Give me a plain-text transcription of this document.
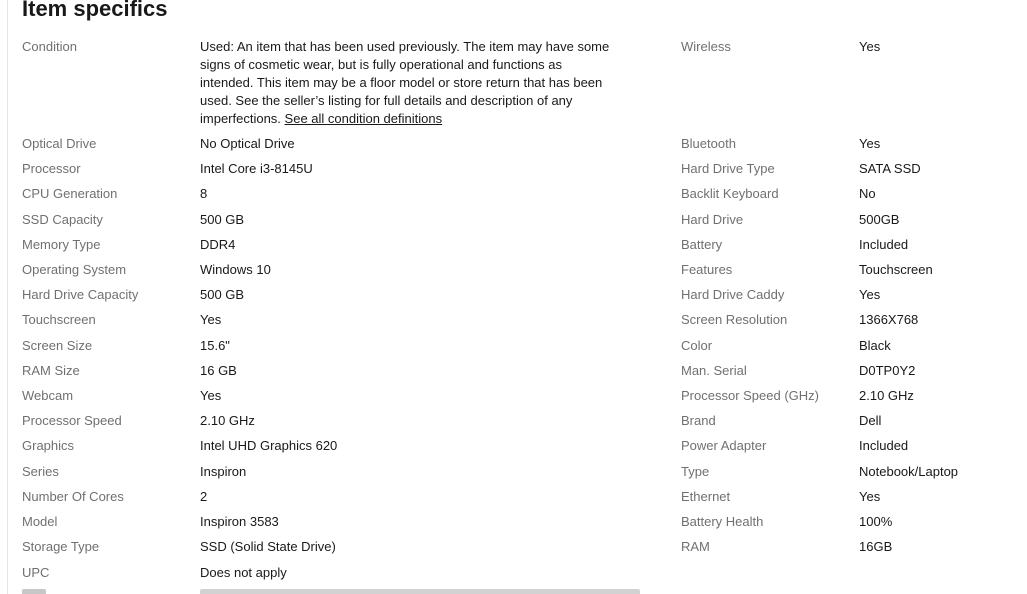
Item specifics
Condition	Used: An item that has been used previously. The item may have some signs of cosmetic wear, but is fully operational and functions as intended. This item may be a floor model or store return that has been used. See the seller’s listing for full details and description of any imperfections. See all condition definitions
Wireless	Yes
Optical Drive	No Optical Drive
Processor	Intel Core i3-8145U
CPU Generation	8
SSD Capacity	500 GB
Memory Type	DDR4
Operating System	Windows 10
Hard Drive Capacity	500 GB
Touchscreen	Yes
Screen Size	15.6"
RAM Size	16 GB
Webcam	Yes
Processor Speed	2.10 GHz
Graphics	Intel UHD Graphics 620
Series	Inspiron
Number Of Cores	2
Model	Inspiron 3583
Storage Type	SSD (Solid State Drive)
UPC	Does not apply
Bluetooth	Yes
Hard Drive Type	SATA SSD
Backlit Keyboard	No
Hard Drive	500GB
Battery	Included
Features	Touchscreen
Hard Drive Caddy	Yes
Screen Resolution	1366X768
Color	Black
Man. Serial	D0TP0Y2
Processor Speed (GHz)	2.10 GHz
Brand	Dell
Power Adapter	Included
Type	Notebook/Laptop
Ethernet	Yes
Battery Health	100%
RAM	16GB
